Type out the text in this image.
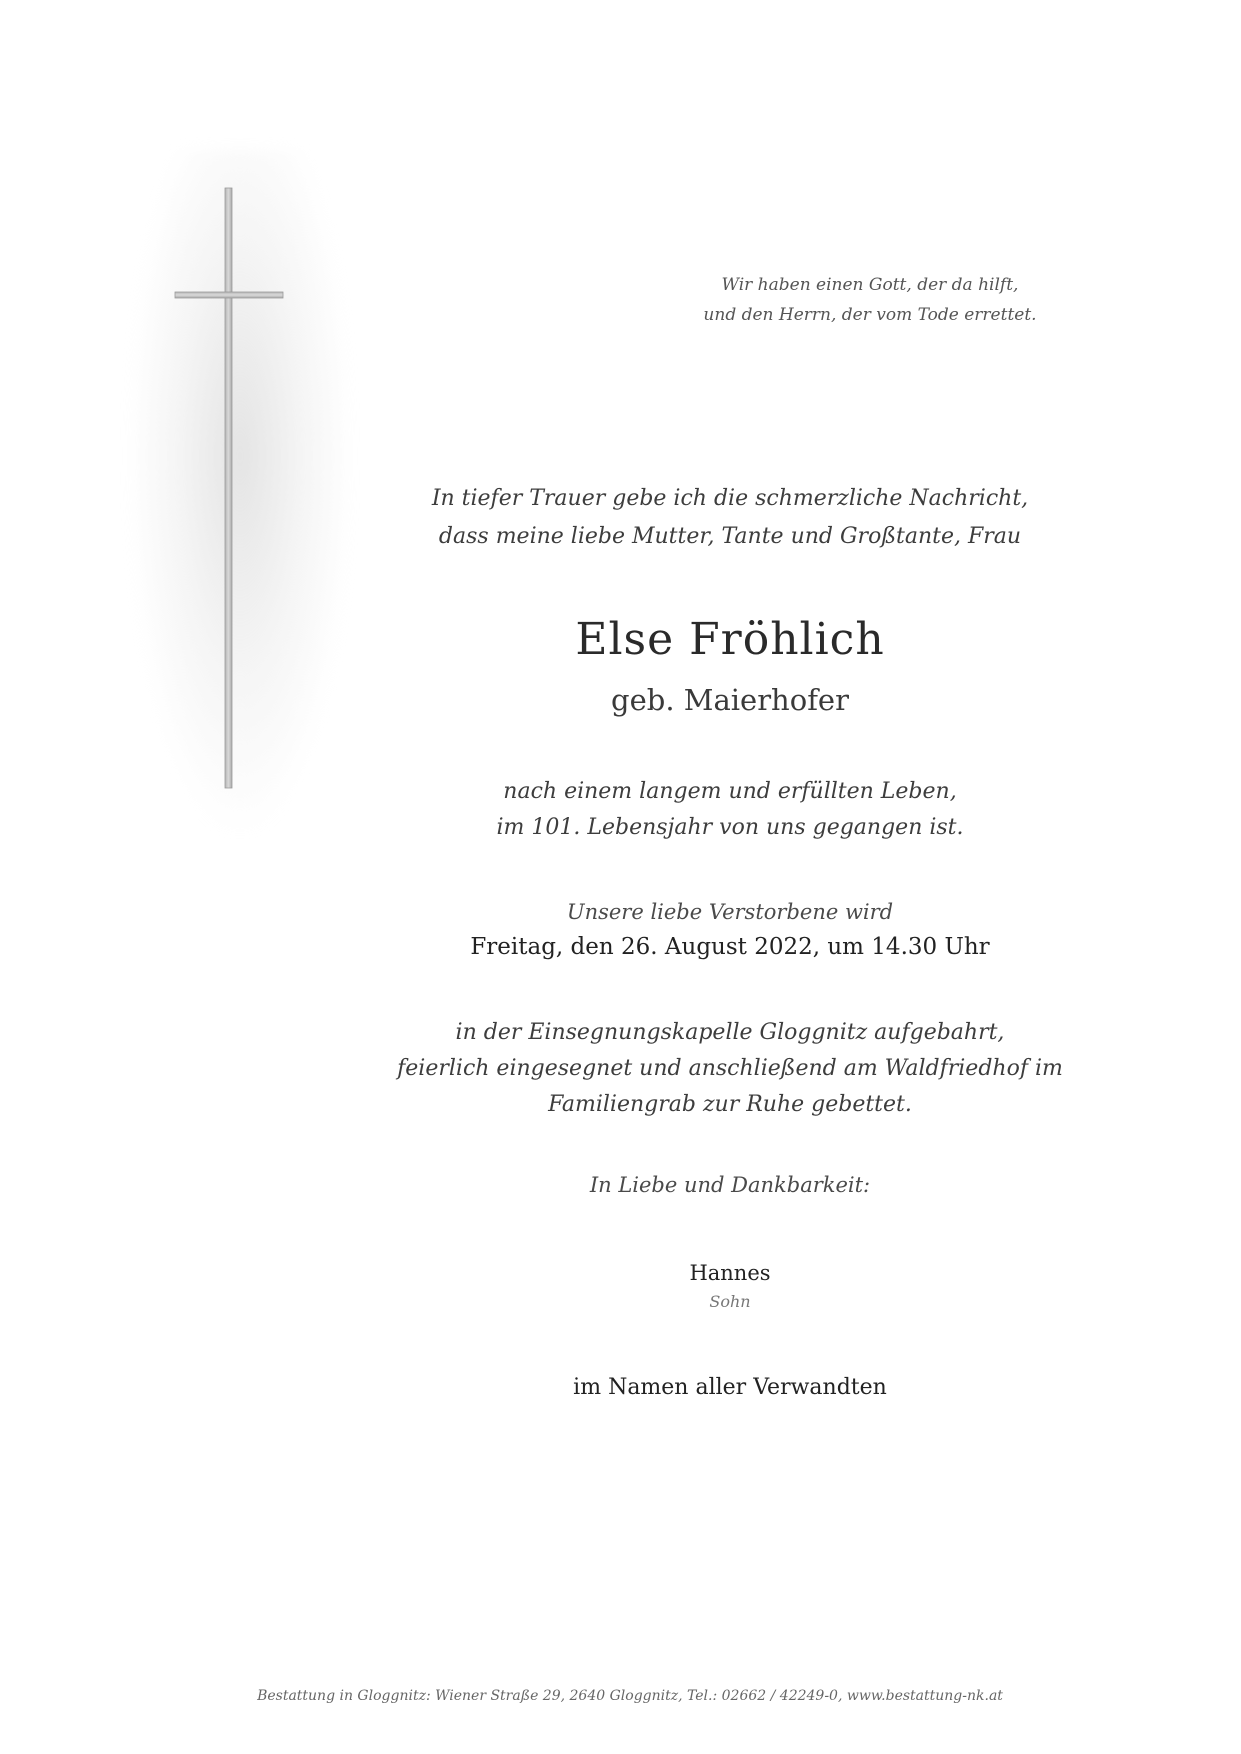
Wir haben einen Gott, der da hilft,
und den Herrn, der vom Tode errettet.
In tiefer Trauer gebe ich die schmerzliche Nachricht,
dass meine liebe Mutter, Tante und Großtante, Frau
Else Fröhlich
geb. Maierhofer
nach einem langem und erfüllten Leben,
im 101. Lebensjahr von uns gegangen ist.
Unsere liebe Verstorbene wird
Freitag, den 26. August 2022, um 14.30 Uhr
in der Einsegnungskapelle Gloggnitz aufgebahrt,
feierlich eingesegnet und anschließend am Waldfriedhof im
Familiengrab zur Ruhe gebettet.
In Liebe und Dankbarkeit:
Hannes
Sohn
im Namen aller Verwandten
Bestattung in Gloggnitz: Wiener Straße 29, 2640 Gloggnitz, Tel.: 02662 / 42249-0, www.bestattung-nk.at
